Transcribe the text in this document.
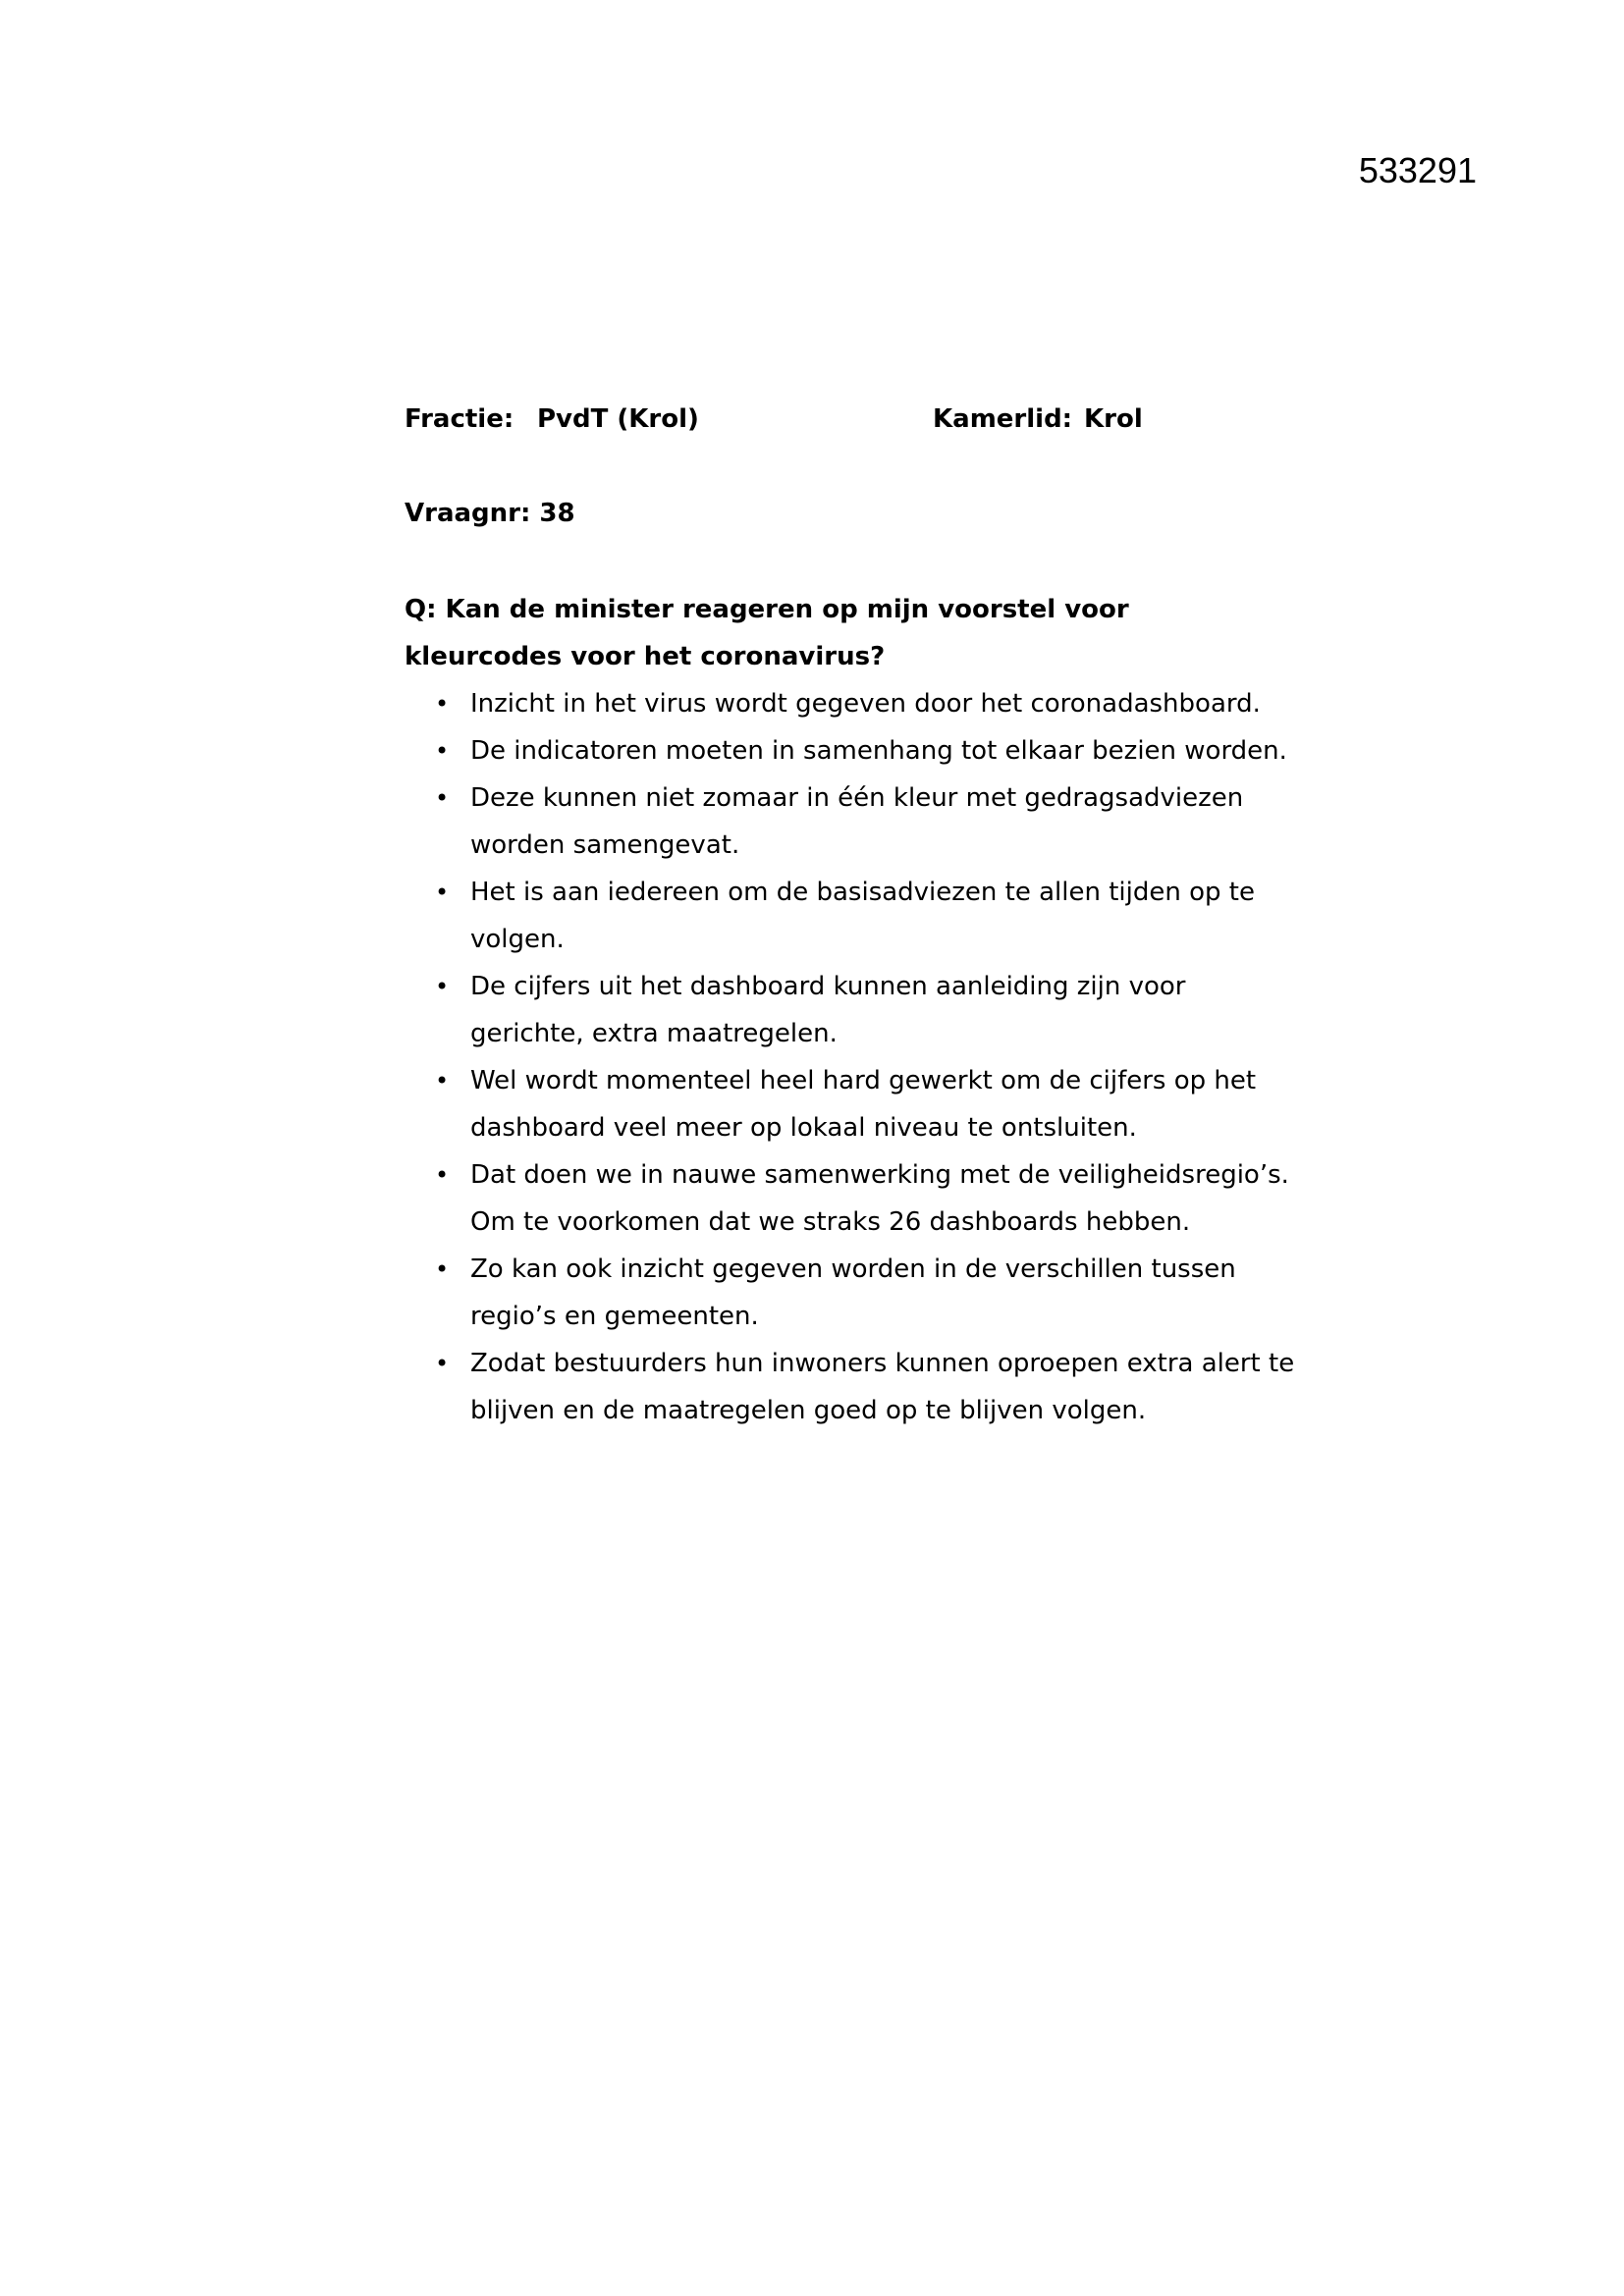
533291
Fractie: PvdT (Krol)	Kamerlid: Krol
Vraagnr: 38

Q: Kan de minister reageren op mijn voorstel voor kleurcodes voor het coronavirus?

• Inzicht in het virus wordt gegeven door het coronadashboard.
• De indicatoren moeten in samenhang tot elkaar bezien worden.
• Deze kunnen niet zomaar in één kleur met gedragsadviezen worden samengevat.
• Het is aan iedereen om de basisadviezen te allen tijden op te volgen.
• De cijfers uit het dashboard kunnen aanleiding zijn voor gerichte, extra maatregelen.
• Wel wordt momenteel heel hard gewerkt om de cijfers op het dashboard veel meer op lokaal niveau te ontsluiten.
• Dat doen we in nauwe samenwerking met de veiligheidsregio’s. Om te voorkomen dat we straks 26 dashboards hebben.
• Zo kan ook inzicht gegeven worden in de verschillen tussen regio’s en gemeenten.
• Zodat bestuurders hun inwoners kunnen oproepen extra alert te blijven en de maatregelen goed op te blijven volgen.
